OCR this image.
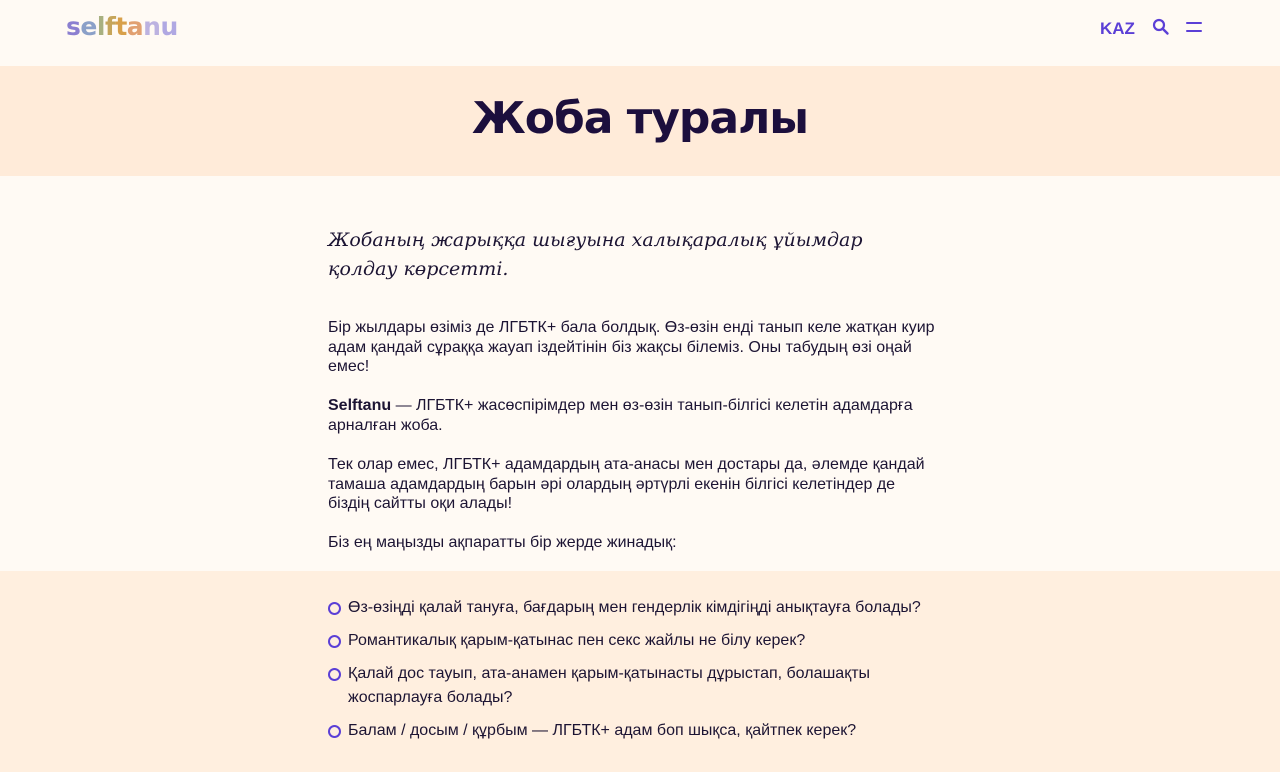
selftanu	KAZ
Жоба туралы

Жобаның жарыққа шығуына халықаралық ұйымдар қолдау көрсетті.

Бір жылдары өзіміз де ЛГБТК+ бала болдық. Өз-өзін енді танып келе жатқан куир адам қандай сұраққа жауап іздейтінін біз жақсы білеміз. Оны табудың өзі оңай емес!

Selftanu — ЛГБТК+ жасөспірімдер мен өз-өзін танып-білгісі келетін адамдарға арналған жоба.

Тек олар емес, ЛГБТК+ адамдардың ата-анасы мен достары да, әлемде қандай тамаша адамдардың барын әрі олардың әртүрлі екенін білгісі келетіндер де біздің сайтты оқи алады!

Біз ең маңызды ақпаратты бір жерде жинадық:

Өз-өзіңді қалай тануға, бағдарың мен гендерлік кімдігіңді анықтауға болады?
Романтикалық қарым-қатынас пен секс жайлы не білу керек?
Қалай дос тауып, ата-анамен қарым-қатынасты дұрыстап, болашақты жоспарлауға болады?
Балам / досым / құрбым — ЛГБТК+ адам боп шықса, қайтпек керек?
